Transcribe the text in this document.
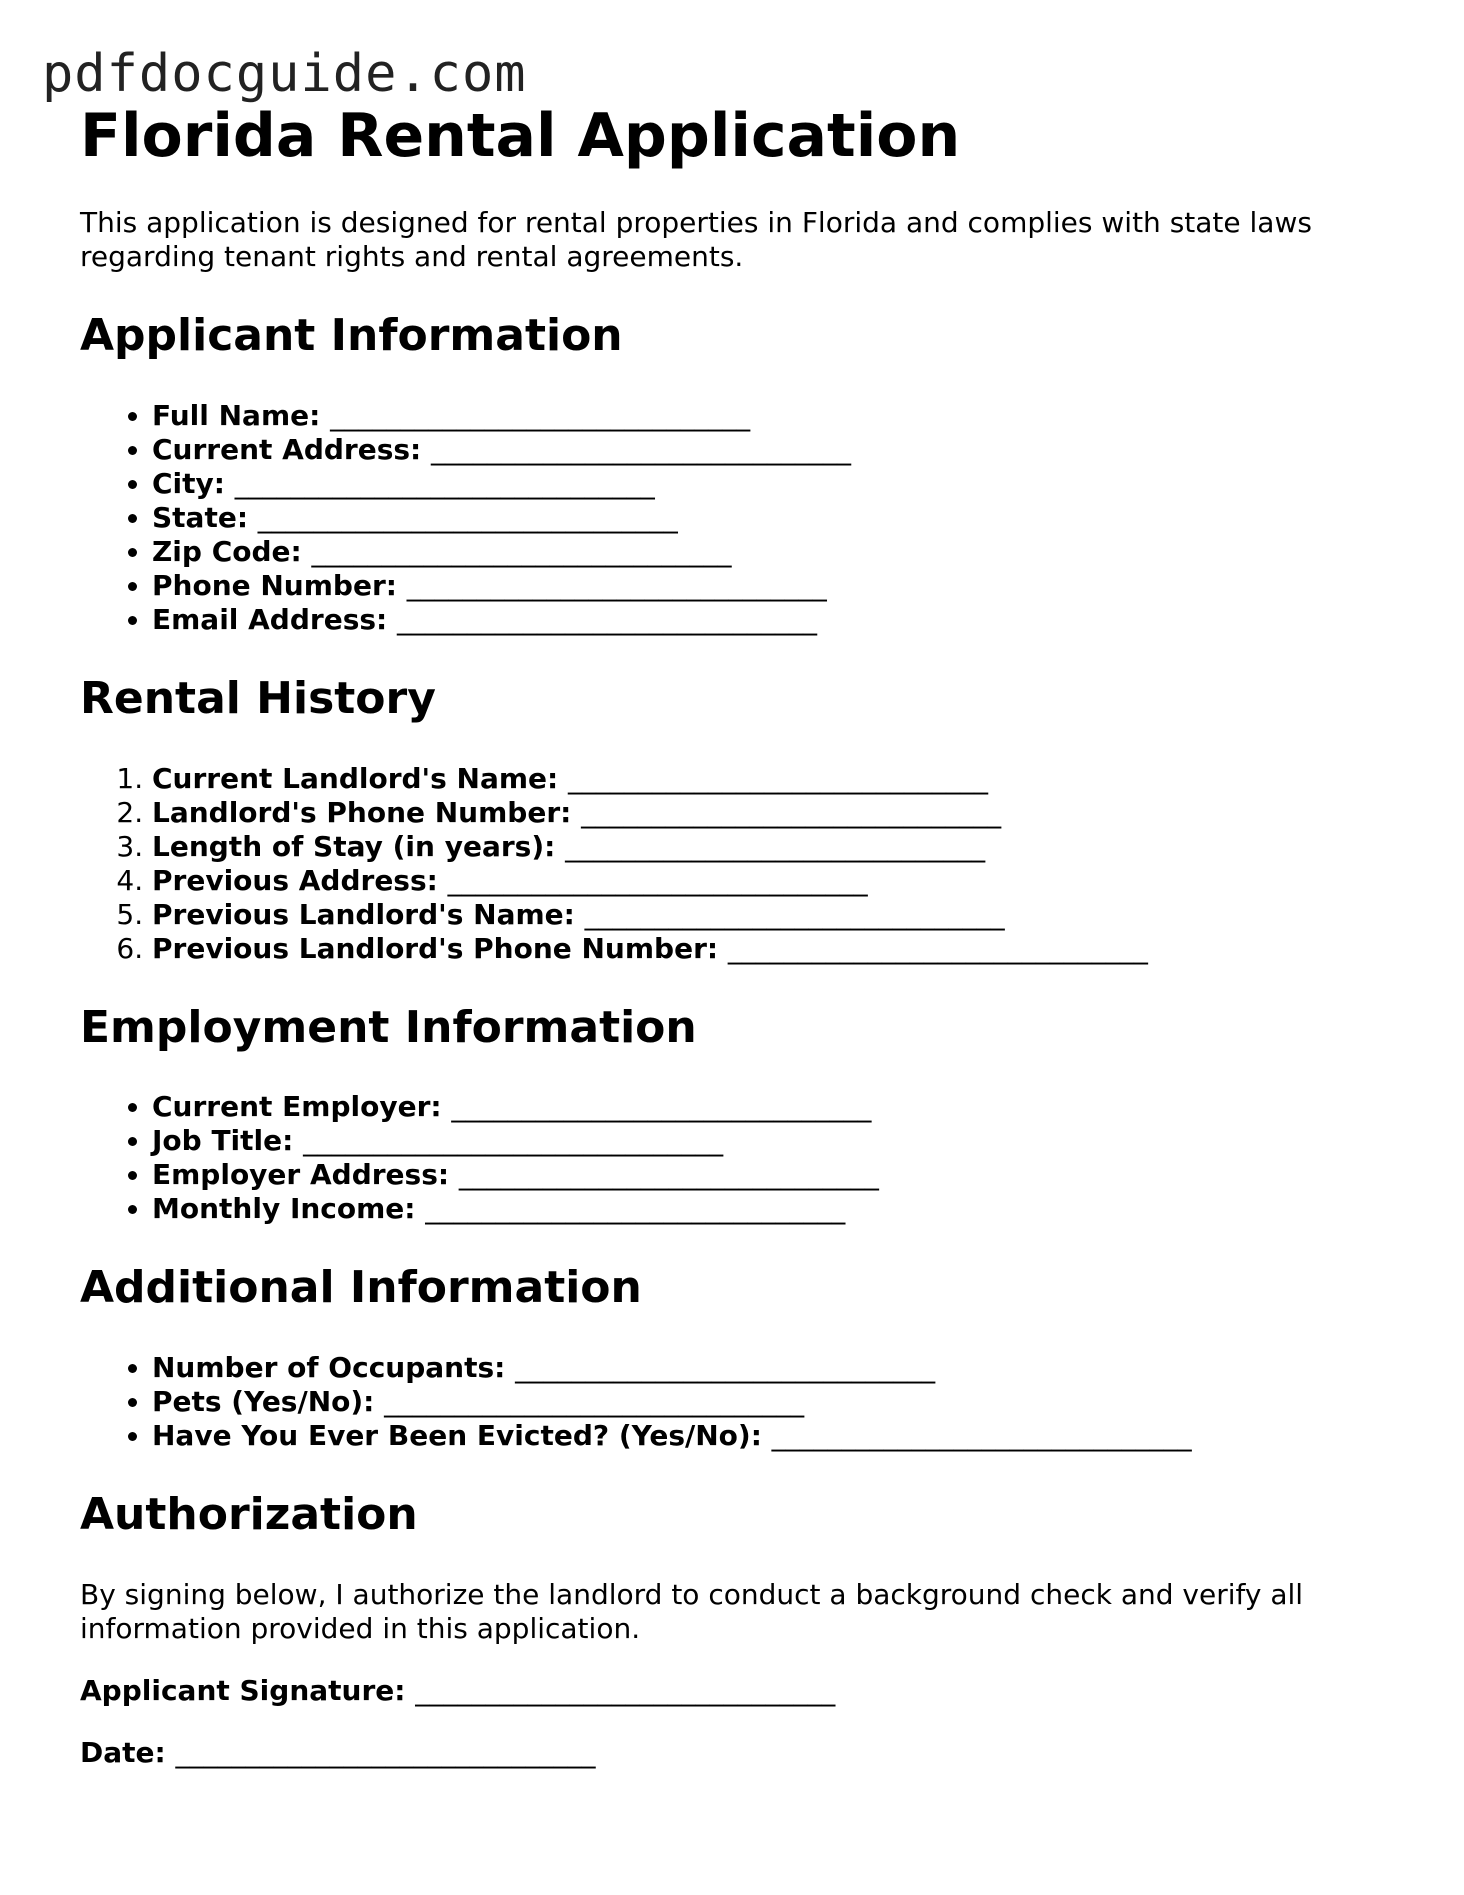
pdfdocguide.com
Florida Rental Application

This application is designed for rental properties in Florida and complies with state laws regarding tenant rights and rental agreements.

Applicant Information
• Full Name: ______________________________
• Current Address: ______________________________
• City: ______________________________
• State: ______________________________
• Zip Code: ______________________________
• Phone Number: ______________________________
• Email Address: ______________________________
Rental History
1. Current Landlord's Name: ______________________________
2. Landlord's Phone Number: ______________________________
3. Length of Stay (in years): ______________________________
4. Previous Address: ______________________________
5. Previous Landlord's Name: ______________________________
6. Previous Landlord's Phone Number: ______________________________
Employment Information
• Current Employer: ______________________________
• Job Title: ______________________________
• Employer Address: ______________________________
• Monthly Income: ______________________________
Additional Information
• Number of Occupants: ______________________________
• Pets (Yes/No): ______________________________
• Have You Ever Been Evicted? (Yes/No): ______________________________
Authorization

By signing below, I authorize the landlord to conduct a background check and verify all information provided in this application.

Applicant Signature: ______________________________

Date: ______________________________
